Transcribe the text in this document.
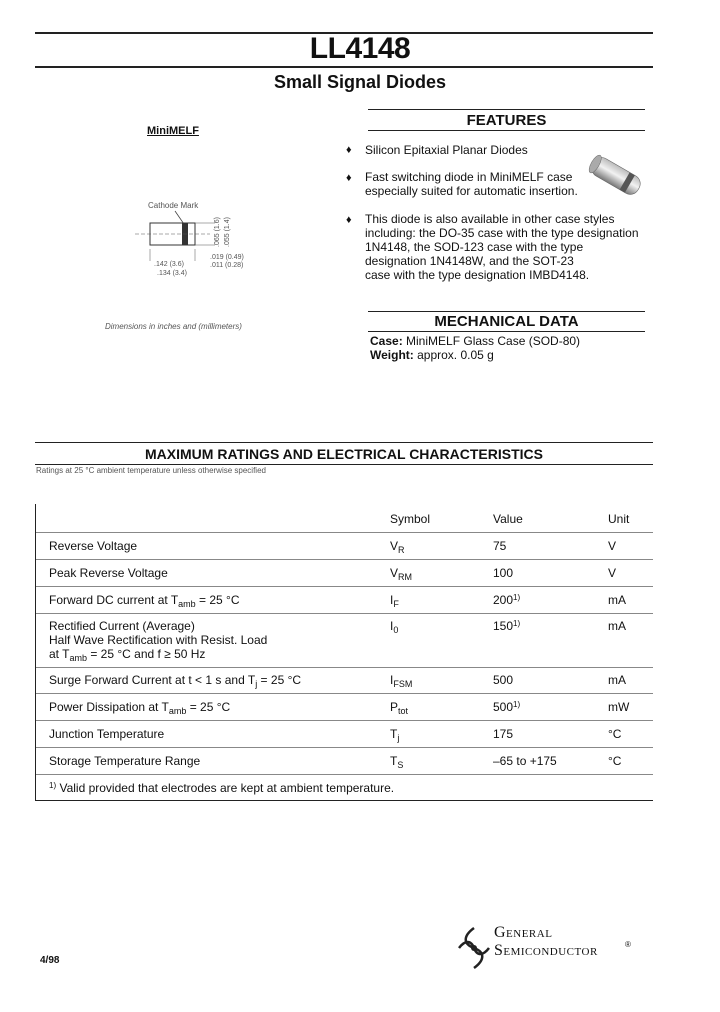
LL4148
Small Signal Diodes
MiniMELF
Cathode Mark
.065 (1.6) .055 (1.4)
.142 (3.6)
.134 (3.4)
.019 (0.49)
.011 (0.28)
Dimensions in inches and (millimeters)
FEATURES
♦ Silicon Epitaxial Planar Diodes
♦ Fast switching diode in MiniMELF case
especially suited for automatic insertion.
♦ This diode is also available in other case styles
including: the DO-35 case with the type designation
1N4148, the SOD-123 case with the type
designation 1N4148W, and the SOT-23
case with the type designation IMBD4148.
MECHANICAL DATA
Case: MiniMELF Glass Case (SOD-80)
Weight: approx. 0.05 g
MAXIMUM RATINGS AND ELECTRICAL CHARACTERISTICS
Ratings at 25 °C ambient temperature unless otherwise specified
Symbol	Value	Unit
Reverse Voltage	$V_R$	75	V
Peak Reverse Voltage	$V_{RM}$	100	V
Forward DC current at $T_{amb} = 25$ °C	$I_F$	200$^{1)}$	mA
Rectified Current (Average)
Half Wave Rectification with Resist. Load
at $T_{amb} = 25$ °C and f ≥ 50 Hz
$I_0$	150$^{1)}$	mA
Surge Forward Current at t < 1 s and $T_j = 25$ °C	$I_{FSM}$	500	mA
Power Dissipation at $T_{amb} = 25$ °C	$P_{tot}$	500$^{1)}$	mW
Junction Temperature	$T_j$	175	°C
Storage Temperature Range	$T_S$	–65 to +175	°C
$^{1)}$ Valid provided that electrodes are kept at ambient temperature.
4/98
General
Semiconductor	®
